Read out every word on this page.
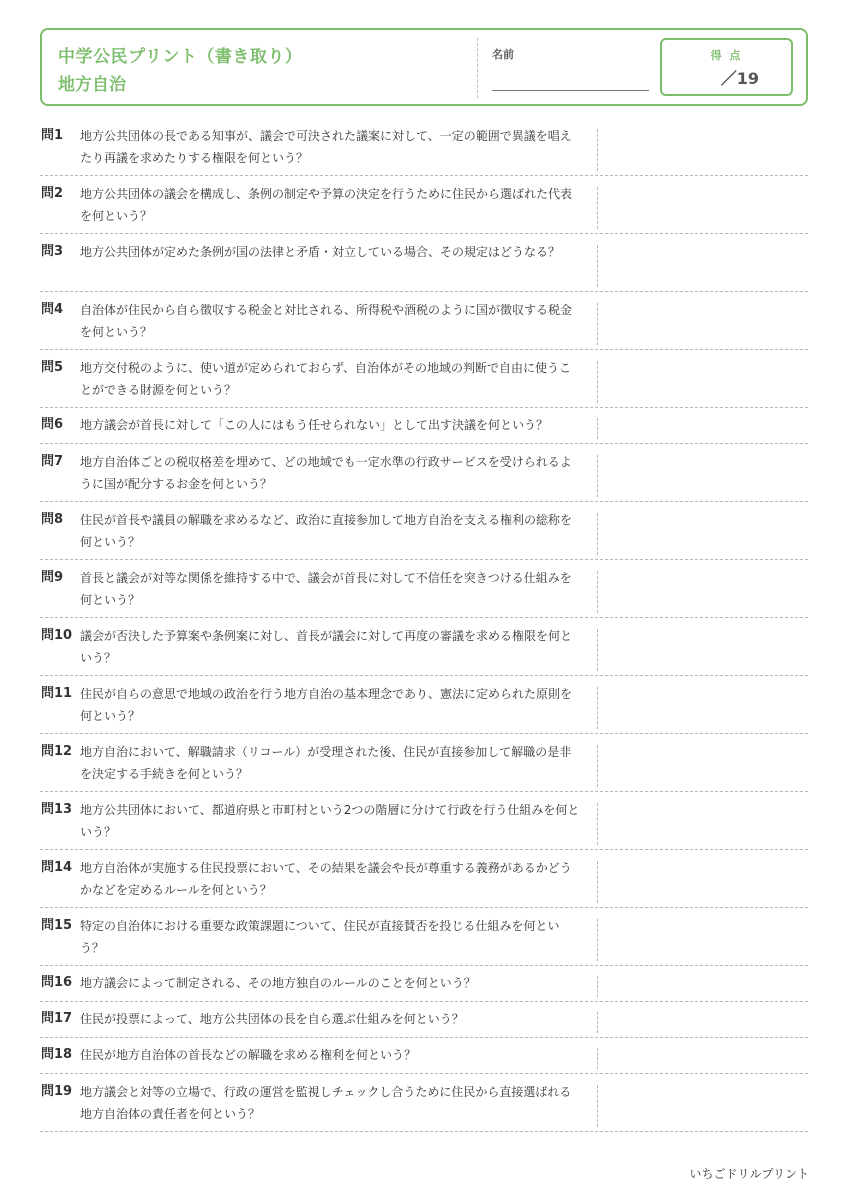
中学公民プリント（書き取り）
地方自治
名前	得 点
／19
問1	地方公共団体の長である知事が、議会で可決された議案に対して、一定の範囲で異議を唱えたり再議を求めたりする権限を何という？
問2	地方公共団体の議会を構成し、条例の制定や予算の決定を行うために住民から選ばれた代表を何という？
問3	地方公共団体が定めた条例が国の法律と矛盾・対立している場合、その規定はどうなる？
問4	自治体が住民から自ら徴収する税金と対比される、所得税や酒税のように国が徴収する税金を何という？
問5	地方交付税のように、使い道が定められておらず、自治体がその地域の判断で自由に使うことができる財源を何という？
問6	地方議会が首長に対して「この人にはもう任せられない」として出す決議を何という？
問7	地方自治体ごとの税収格差を埋めて、どの地域でも一定水準の行政サービスを受けられるように国が配分するお金を何という？
問8	住民が首長や議員の解職を求めるなど、政治に直接参加して地方自治を支える権利の総称を何という？
問9	首長と議会が対等な関係を維持する中で、議会が首長に対して不信任を突きつける仕組みを何という？
問10 議会が否決した予算案や条例案に対し、首長が議会に対して再度の審議を求める権限を何という？
問11 住民が自らの意思で地域の政治を行う地方自治の基本理念であり、憲法に定められた原則を何という？
問12 地方自治において、解職請求（リコール）が受理された後、住民が直接参加して解職の是非を決定する手続きを何という？
問13 地方公共団体において、都道府県と市町村という2つの階層に分けて行政を行う仕組みを何という？
問14 地方自治体が実施する住民投票において、その結果を議会や長が尊重する義務があるかどうかなどを定めるルールを何という？
問15 特定の自治体における重要な政策課題について、住民が直接賛否を投じる仕組みを何という？
問16 地方議会によって制定される、その地方独自のルールのことを何という？
問17 住民が投票によって、地方公共団体の長を自ら選ぶ仕組みを何という？
問18 住民が地方自治体の首長などの解職を求める権利を何という？
問19 地方議会と対等の立場で、行政の運営を監視しチェックし合うために住民から直接選ばれる地方自治体の責任者を何という？
いちごドリルプリント
